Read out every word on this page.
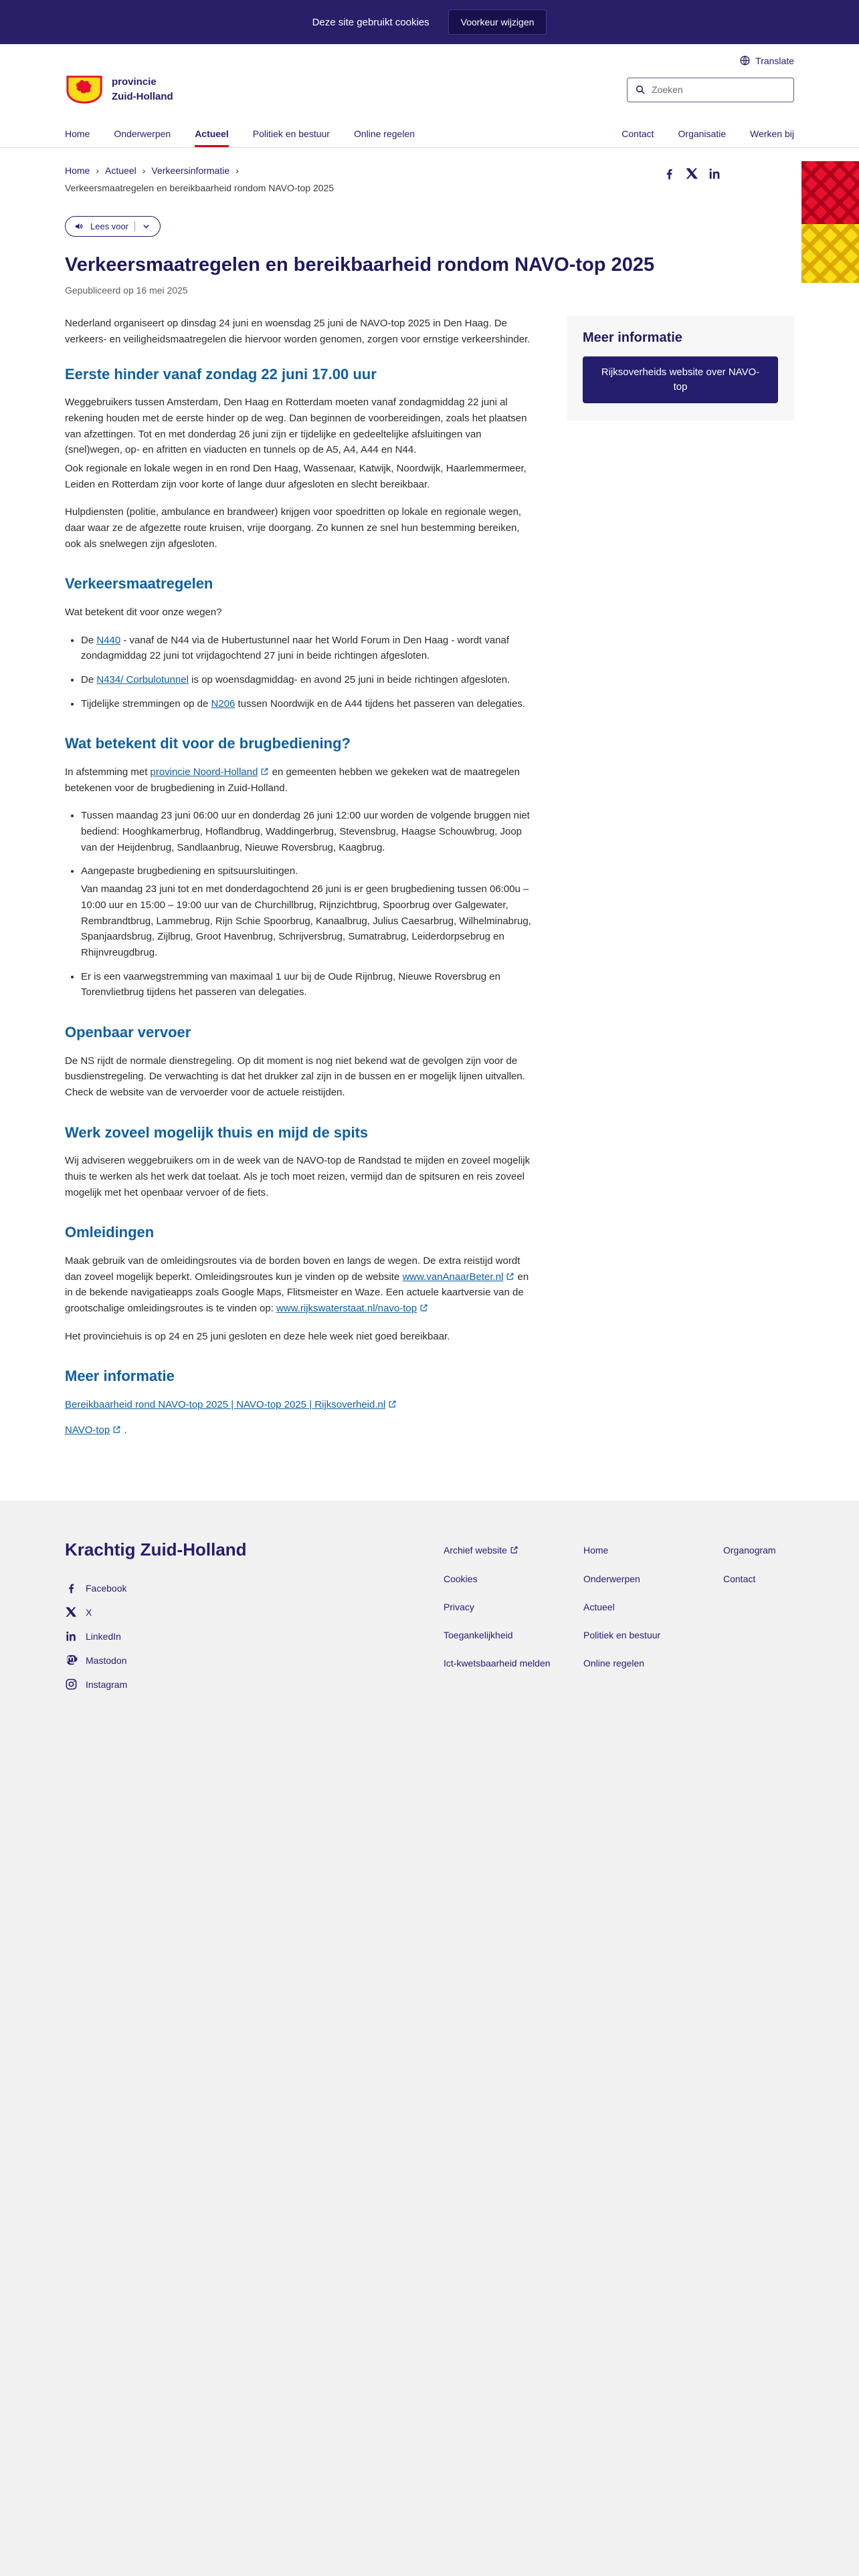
Deze site gebruikt cookies	Voorkeur wijzigen
Translate
provincie
Zuid-Holland
Zoeken
Home	Onderwerpen	Actueel	Politiek en bestuur	Online regelen	Contact	Organisatie	Werken bij
Home › Actueel › Verkeersinformatie ›
Verkeersmaatregelen en bereikbaarheid rondom NAVO-top 2025
Lees voor
Verkeersmaatregelen en bereikbaarheid rondom NAVO-top 2025
Gepubliceerd op 16 mei 2025

Nederland organiseert op dinsdag 24 juni en woensdag 25 juni de NAVO-top 2025 in Den Haag. De verkeers- en veiligheidsmaatregelen die hiervoor worden genomen, zorgen voor ernstige verkeershinder.

Eerste hinder vanaf zondag 22 juni 17.00 uur

Weggebruikers tussen Amsterdam, Den Haag en Rotterdam moeten vanaf zondagmiddag 22 juni al rekening houden met de eerste hinder op de weg. Dan beginnen de voorbereidingen, zoals het plaatsen van afzettingen. Tot en met donderdag 26 juni zijn er tijdelijke en gedeeltelijke afsluitingen van (snel)wegen, op- en afritten en viaducten en tunnels op de A5, A4, A44 en N44.

Ook regionale en lokale wegen in en rond Den Haag, Wassenaar, Katwijk, Noordwijk, Haarlemmermeer, Leiden en Rotterdam zijn voor korte of lange duur afgesloten en slecht bereikbaar.

Hulpdiensten (politie, ambulance en brandweer) krijgen voor spoedritten op lokale en regionale wegen, daar waar ze de afgezette route kruisen, vrije doorgang. Zo kunnen ze snel hun bestemming bereiken, ook als snelwegen zijn afgesloten.

Verkeersmaatregelen

Wat betekent dit voor onze wegen?

• De N440 - vanaf de N44 via de Hubertustunnel naar het World Forum in Den Haag - wordt vanaf zondagmiddag 22 juni tot vrijdagochtend 27 juni in beide richtingen afgesloten.
• De N434/ Corbulotunnel is op woensdagmiddag- en avond 25 juni in beide richtingen afgesloten.
• Tijdelijke stremmingen op de N206 tussen Noordwijk en de A44 tijdens het passeren van delegaties.
Wat betekent dit voor de brugbediening?

In afstemming met provincie Noord-Holland en gemeenten hebben we gekeken wat de maatregelen betekenen voor de brugbediening in Zuid-Holland.

• Tussen maandag 23 juni 06:00 uur en donderdag 26 juni 12:00 uur worden de volgende bruggen niet bediend: Hooghkamerbrug, Hoflandbrug, Waddingerbrug, Stevensbrug, Haagse Schouwbrug, Joop van der Heijdenbrug, Sandlaanbrug, Nieuwe Roversbrug, Kaagbrug.
• Aangepaste brugbediening en spitsuursluitingen.
Van maandag 23 juni tot en met donderdagochtend 26 juni is er geen brugbediening tussen 06:00u – 10:00 uur en 15:00 – 19:00 uur van de Churchillbrug, Rijnzichtbrug, Spoorbrug over Galgewater, Rembrandtbrug, Lammebrug, Rijn Schie Spoorbrug, Kanaalbrug, Julius Caesarbrug, Wilhelminabrug, Spanjaardsbrug, Zijlbrug, Groot Havenbrug, Schrijversbrug, Sumatrabrug, Leiderdorpsebrug en Rhijnvreugdbrug.
• Er is een vaarwegstremming van maximaal 1 uur bij de Oude Rijnbrug, Nieuwe Roversbrug en Torenvlietbrug tijdens het passeren van delegaties.
Openbaar vervoer

De NS rijdt de normale dienstregeling. Op dit moment is nog niet bekend wat de gevolgen zijn voor de busdienstregeling. De verwachting is dat het drukker zal zijn in de bussen en er mogelijk lijnen uitvallen. Check de website van de vervoerder voor de actuele reistijden.

Werk zoveel mogelijk thuis en mijd de spits

Wij adviseren weggebruikers om in de week van de NAVO-top de Randstad te mijden en zoveel mogelijk thuis te werken als het werk dat toelaat. Als je toch moet reizen, vermijd dan de spitsuren en reis zoveel mogelijk met het openbaar vervoer of de fiets.

Omleidingen

Maak gebruik van de omleidingsroutes via de borden boven en langs de wegen. De extra reistijd wordt dan zoveel mogelijk beperkt. Omleidingsroutes kun je vinden op de website www.vanAnaarBeter.nl en in de bekende navigatieapps zoals Google Maps, Flitsmeister en Waze. Een actuele kaartversie van de grootschalige omleidingsroutes is te vinden op: www.rijkswaterstaat.nl/navo-top

Het provinciehuis is op 24 en 25 juni gesloten en deze hele week niet goed bereikbaar.

Meer informatie

Bereikbaarheid rond NAVO-top 2025 | NAVO-top 2025 | Rijksoverheid.nl

NAVO-top .

Meer informatie
Rijksoverheids website over NAVO-top
Krachtig Zuid-Holland
Facebook
X
LinkedIn
Mastodon
Instagram
Archief website
Cookies
Privacy
Toegankelijkheid
Ict-kwetsbaarheid melden
Home
Onderwerpen
Actueel
Politiek en bestuur
Online regelen
Organogram
Contact
